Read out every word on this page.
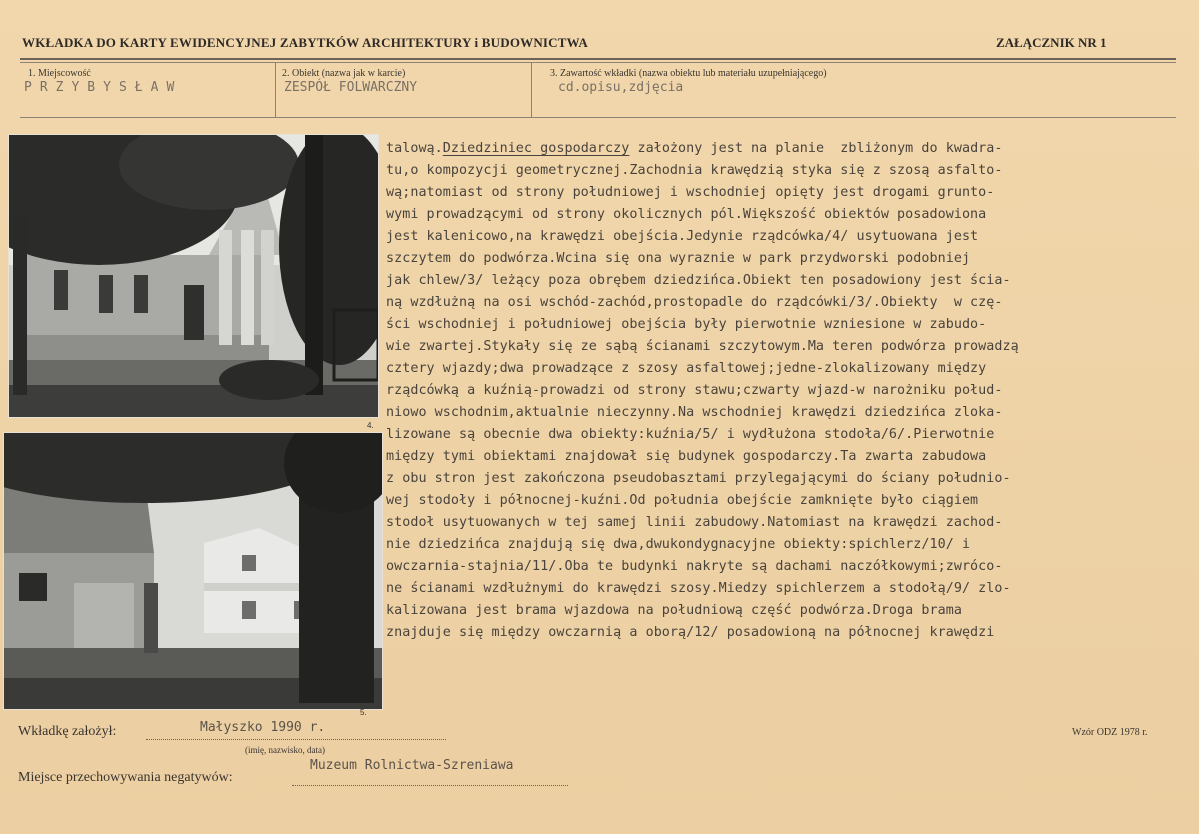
WKŁADKA DO KARTY EWIDENCYJNEJ ZABYTKÓW ARCHITEKTURY i BUDOWNICTWA	ZAŁĄCZNIK NR 1
1. Miejscowość
PRZYBYSŁAW
2. Obiekt (nazwa jak w karcie)
ZESPÓŁ FOLWARCZNY
3. Zawartość wkładki (nazwa obiektu lub materiału uzupełniającego)
cd.opisu,zdjęcia
4.
5.
talową.Dziedziniec gospodarczy założony jest na planie  zbliżonym do kwadra-
tu,o kompozycji geometrycznej.Zachodnia krawędzią styka się z szosą asfalto-
wą;natomiast od strony południowej i wschodniej opięty jest drogami grunto-
wymi prowadzącymi od strony okolicznych pól.Większość obiektów posadowiona
jest kalenicowo,na krawędzi obejścia.Jedynie rządcówka/4/ usytuowana jest
szczytem do podwórza.Wcina się ona wyraznie w park przydworski podobniej
jak chlew/3/ leżący poza obrębem dziedzińca.Obiekt ten posadowiony jest ścia-
ną wzdłużną na osi wschód-zachód,prostopadle do rządcówki/3/.Obiekty  w czę-
ści wschodniej i południowej obejścia były pierwotnie wzniesione w zabudo-
wie zwartej.Stykały się ze sąbą ścianami szczytowym.Ma teren podwórza prowadzą
cztery wjazdy;dwa prowadzące z szosy asfaltowej;jedne-zlokalizowany między
rządcówką a kuźnią-prowadzi od strony stawu;czwarty wjazd-w narożniku połud-
niowo wschodnim,aktualnie nieczynny.Na wschodniej krawędzi dziedzińca zloka-
lizowane są obecnie dwa obiekty:kuźnia/5/ i wydłużona stodoła/6/.Pierwotnie
między tymi obiektami znajdował się budynek gospodarczy.Ta zwarta zabudowa
z obu stron jest zakończona pseudobasztami przylegającymi do ściany południo-
wej stodoły i północnej-kuźni.Od południa obejście zamknięte było ciągiem
stodoł usytuowanych w tej samej linii zabudowy.Natomiast na krawędzi zachod-
nie dziedzińca znajdują się dwa,dwukondygnacyjne obiekty:spichlerz/10/ i
owczarnia-stajnia/11/.Oba te budynki nakryte są dachami naczółkowymi;zwróco-
ne ścianami wzdłużnymi do krawędzi szosy.Miedzy spichlerzem a stodołą/9/ zlo-
kalizowana jest brama wjazdowa na południową część podwórza.Droga brama
znajduje się między owczarnią a oborą/12/ posadowioną na północnej krawędzi
Wkładkę założył:	Małyszko 1990 r.
(imię, nazwisko, data)
Wzór ODZ 1978 r.
Miejsce przechowywania negatywów:
Muzeum Rolnictwa-Szreniawa
